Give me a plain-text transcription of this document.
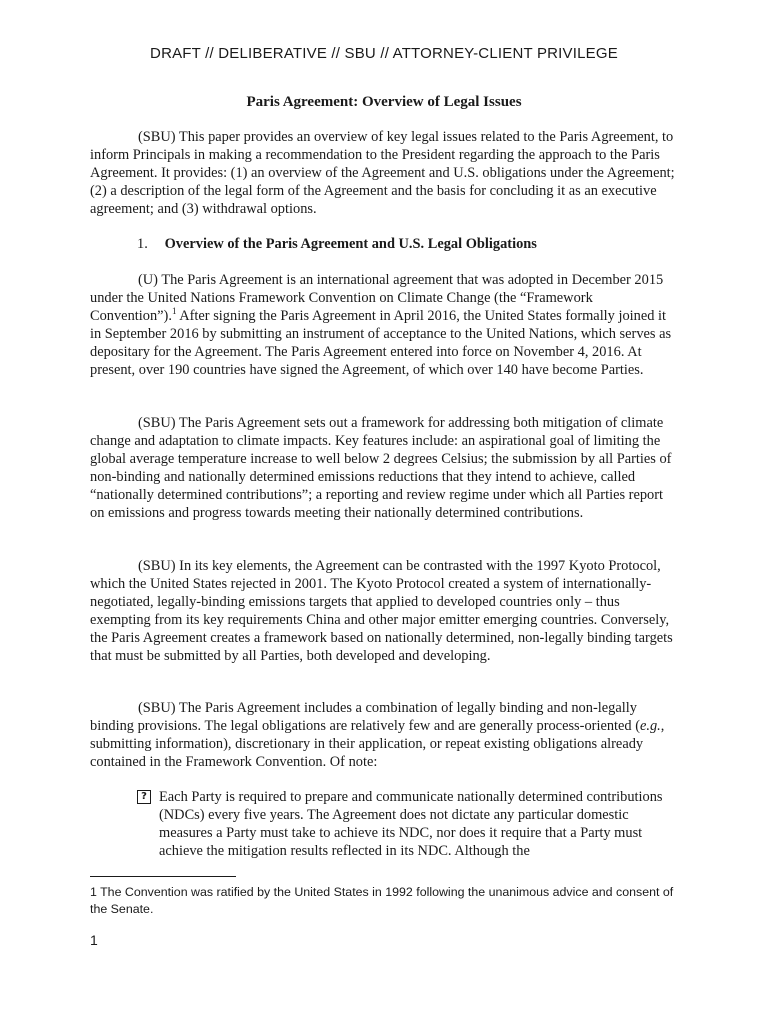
DRAFT // DELIBERATIVE // SBU // ATTORNEY-CLIENT PRIVILEGE
Paris Agreement: Overview of Legal Issues

(SBU) This paper provides an overview of key legal issues related to the Paris Agreement, to inform Principals in making a recommendation to the President regarding the approach to the Paris Agreement. It provides: (1) an overview of the Agreement and U.S. obligations under the Agreement; (2) a description of the legal form of the Agreement and the basis for concluding it as an executive agreement; and (3) withdrawal options.

1. Overview of the Paris Agreement and U.S. Legal Obligations

(U) The Paris Agreement is an international agreement that was adopted in December 2015 under the United Nations Framework Convention on Climate Change (the “Framework Convention”).$^1$ After signing the Paris Agreement in April 2016, the United States formally joined it in September 2016 by submitting an instrument of acceptance to the United Nations, which serves as depositary for the Agreement. The Paris Agreement entered into force on November 4, 2016. At present, over 190 countries have signed the Agreement, of which over 140 have become Parties.

(SBU) The Paris Agreement sets out a framework for addressing both mitigation of climate change and adaptation to climate impacts. Key features include: an aspirational goal of limiting the global average temperature increase to well below 2 degrees Celsius; the submission by all Parties of non-binding and nationally determined emissions reductions that they intend to achieve, called “nationally determined contributions”; a reporting and review regime under which all Parties report on emissions and progress towards meeting their nationally determined contributions.

(SBU) In its key elements, the Agreement can be contrasted with the 1997 Kyoto Protocol, which the United States rejected in 2001. The Kyoto Protocol created a system of internationally-negotiated, legally-binding emissions targets that applied to developed countries only – thus exempting from its key requirements China and other major emitter emerging countries. Conversely, the Paris Agreement creates a framework based on nationally determined, non-legally binding targets that must be submitted by all Parties, both developed and developing.

(SBU) The Paris Agreement includes a combination of legally binding and non-legally binding provisions. The legal obligations are relatively few and are generally process-oriented (e.g., submitting information), discretionary in their application, or repeat existing obligations already contained in the Framework Convention. Of note:

? Each Party is required to prepare and communicate nationally determined contributions (NDCs) every five years. The Agreement does not dictate any particular domestic measures a Party must take to achieve its NDC, nor does it require that a Party must achieve the mitigation results reflected in its NDC. Although the
1 The Convention was ratified by the United States in 1992 following the unanimous advice and consent of the Senate.
1
